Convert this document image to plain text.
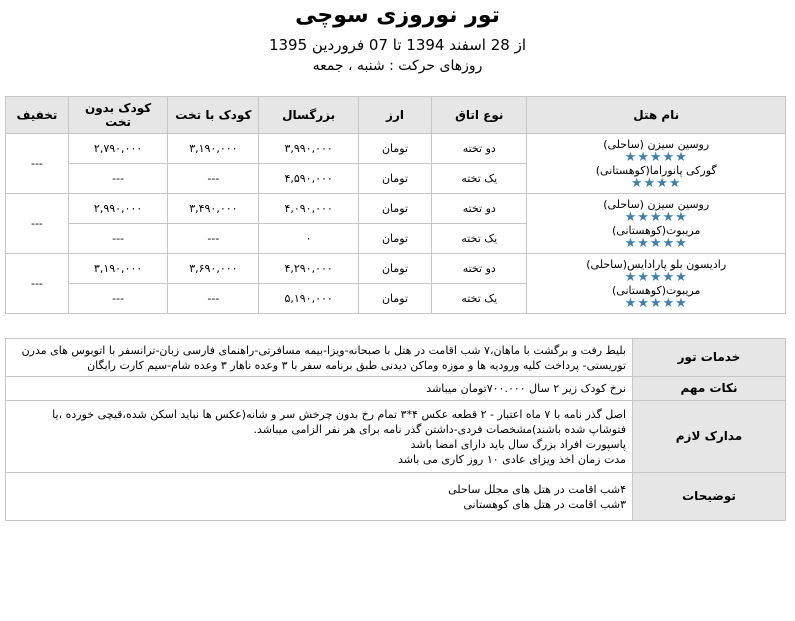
تور نوروزی سوچی
از 28 اسفند 1394 تا 07 فروردین 1395
روزهای حرکت : شنبه ، جمعه
نام هتل	نوع اتاق	ارز	بزرگسال	کودک با تخت	کودک بدون تخت	تخفیف

روسین سیزن (ساحلی)
★★★★★
گورکی پانوراما(کوهستانی)
★★★★	دو تخته	تومان	۳,۹۹۰,۰۰۰	۳,۱۹۰,۰۰۰	۲,۷۹۰,۰۰۰	---
	یک تخته	تومان	۴,۵۹۰,۰۰۰	---	---	

روسین سیزن (ساحلی)
★★★★★
مریبوت(کوهستانی)
★★★★★	دو تخته	تومان	۴,۰۹۰,۰۰۰	۳,۴۹۰,۰۰۰	۲,۹۹۰,۰۰۰	---
	یک تخته	تومان	۰	---	---	

رادیسون بلو پارادایس(ساحلی)
★★★★★
مریبوت(کوهستانی)
★★★★★	دو تخته	تومان	۴,۲۹۰,۰۰۰	۳,۶۹۰,۰۰۰	۳,۱۹۰,۰۰۰	---
	یک تخته	تومان	۵,۱۹۰,۰۰۰	---	---	
خدمات تور	بلیط رفت و برگشت با ماهان،۷ شب اقامت در هتل با صبحانه-ویزا-بیمه مسافرتی-راهنمای فارسی زبان-ترانسفر با اتوبوس های مدرن توریستی- پرداخت کلیه ورودیه ها و موزه وماکن دیدنی طبق برنامه سفر با ۳ وعده ناهار ۳ وعده شام-سیم کارت رایگان

نکات مهم	نرخ کودک زیر ۲ سال ۷۰۰.۰۰۰تومان میباشد

مدارک لازم	اصل گذر نامه با ۷ ماه اعتبار - ۲ قطعه عکس ۴*۳ تمام رخ بدون چرخش سر و شانه(عکس ها نباید اسکن شده،قیچی خورده ،یا فتوشاپ شده باشند)مشخصات فردی-داشتن گذر نامه برای هر نفر الزامی میباشد.
پاسپورت افراد بزرگ سال باید دارای امضا باشد
مدت زمان اخذ ویزای عادی ۱۰ روز کاری می باشد

توضیحات	۴شب اقامت در هتل های مجلل ساحلی
۳شب اقامت در هتل های کوهستانی
